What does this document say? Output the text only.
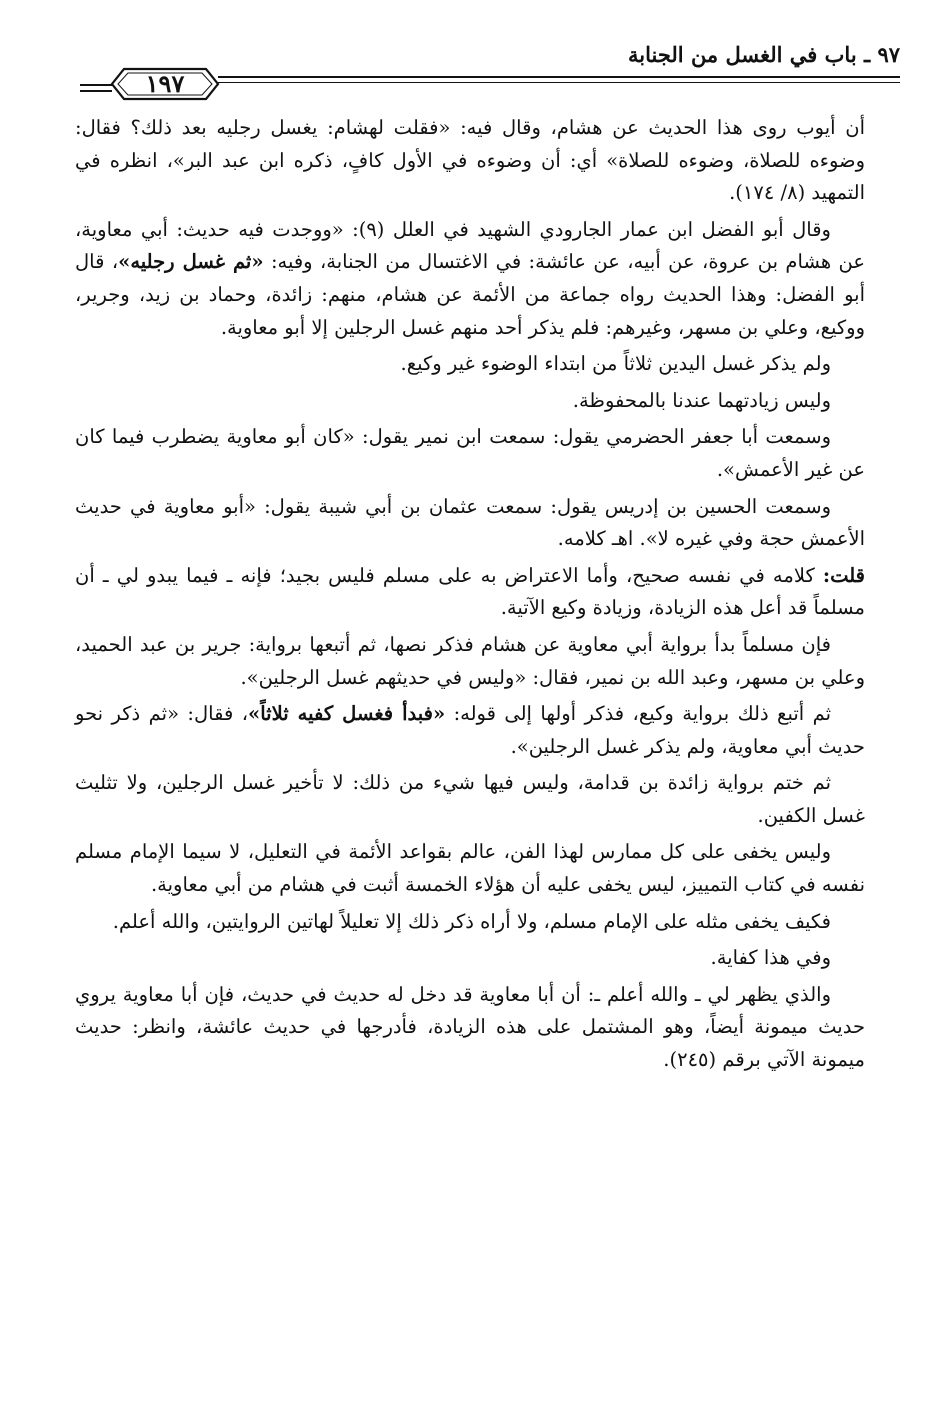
٩٧ ـ باب في الغسل من الجنابة
١٩٧

أن أيوب روى هذا الحديث عن هشام، وقال فيه: «فقلت لهشام: يغسل رجليه بعد ذلك؟ فقال: وضوءه للصلاة، وضوءه للصلاة» أي: أن وضوءه في الأول كافٍ، ذكره ابن عبد البر»، انظره في التمهيد (٨/ ١٧٤).

وقال أبو الفضل ابن عمار الجارودي الشهيد في العلل (٩): «ووجدت فيه حديث: أبي معاوية، عن هشام بن عروة، عن أبيه، عن عائشة: في الاغتسال من الجنابة، وفيه: «ثم غسل رجليه»، قال أبو الفضل: وهذا الحديث رواه جماعة من الأئمة عن هشام، منهم: زائدة، وحماد بن زيد، وجرير، ووكيع، وعلي بن مسهر، وغيرهم: فلم يذكر أحد منهم غسل الرجلين إلا أبو معاوية.

ولم يذكر غسل اليدين ثلاثاً من ابتداء الوضوء غير وكيع.

وليس زيادتهما عندنا بالمحفوظة.

وسمعت أبا جعفر الحضرمي يقول: سمعت ابن نمير يقول: «كان أبو معاوية يضطرب فيما كان عن غير الأعمش».

وسمعت الحسين بن إدريس يقول: سمعت عثمان بن أبي شيبة يقول: «أبو معاوية في حديث الأعمش حجة وفي غيره لا». اهـ كلامه.

قلت: كلامه في نفسه صحيح، وأما الاعتراض به على مسلم فليس بجيد؛ فإنه ـ فيما يبدو لي ـ أن مسلماً قد أعل هذه الزيادة، وزيادة وكيع الآتية.

فإن مسلماً بدأ برواية أبي معاوية عن هشام فذكر نصها، ثم أتبعها برواية: جرير بن عبد الحميد، وعلي بن مسهر، وعبد الله بن نمير، فقال: «وليس في حديثهم غسل الرجلين».

ثم أتبع ذلك برواية وكيع، فذكر أولها إلى قوله: «فبدأ فغسل كفيه ثلاثاً»، فقال: «ثم ذكر نحو حديث أبي معاوية، ولم يذكر غسل الرجلين».

ثم ختم برواية زائدة بن قدامة، وليس فيها شيء من ذلك: لا تأخير غسل الرجلين، ولا تثليث غسل الكفين.

وليس يخفى على كل ممارس لهذا الفن، عالم بقواعد الأئمة في التعليل، لا سيما الإمام مسلم نفسه في كتاب التمييز، ليس يخفى عليه أن هؤلاء الخمسة أثبت في هشام من أبي معاوية.

فكيف يخفى مثله على الإمام مسلم، ولا أراه ذكر ذلك إلا تعليلاً لهاتين الروايتين، والله أعلم.

وفي هذا كفاية.

والذي يظهر لي ـ والله أعلم ـ: أن أبا معاوية قد دخل له حديث في حديث، فإن أبا معاوية يروي حديث ميمونة أيضاً، وهو المشتمل على هذه الزيادة، فأدرجها في حديث عائشة، وانظر: حديث ميمونة الآتي برقم (٢٤٥).
